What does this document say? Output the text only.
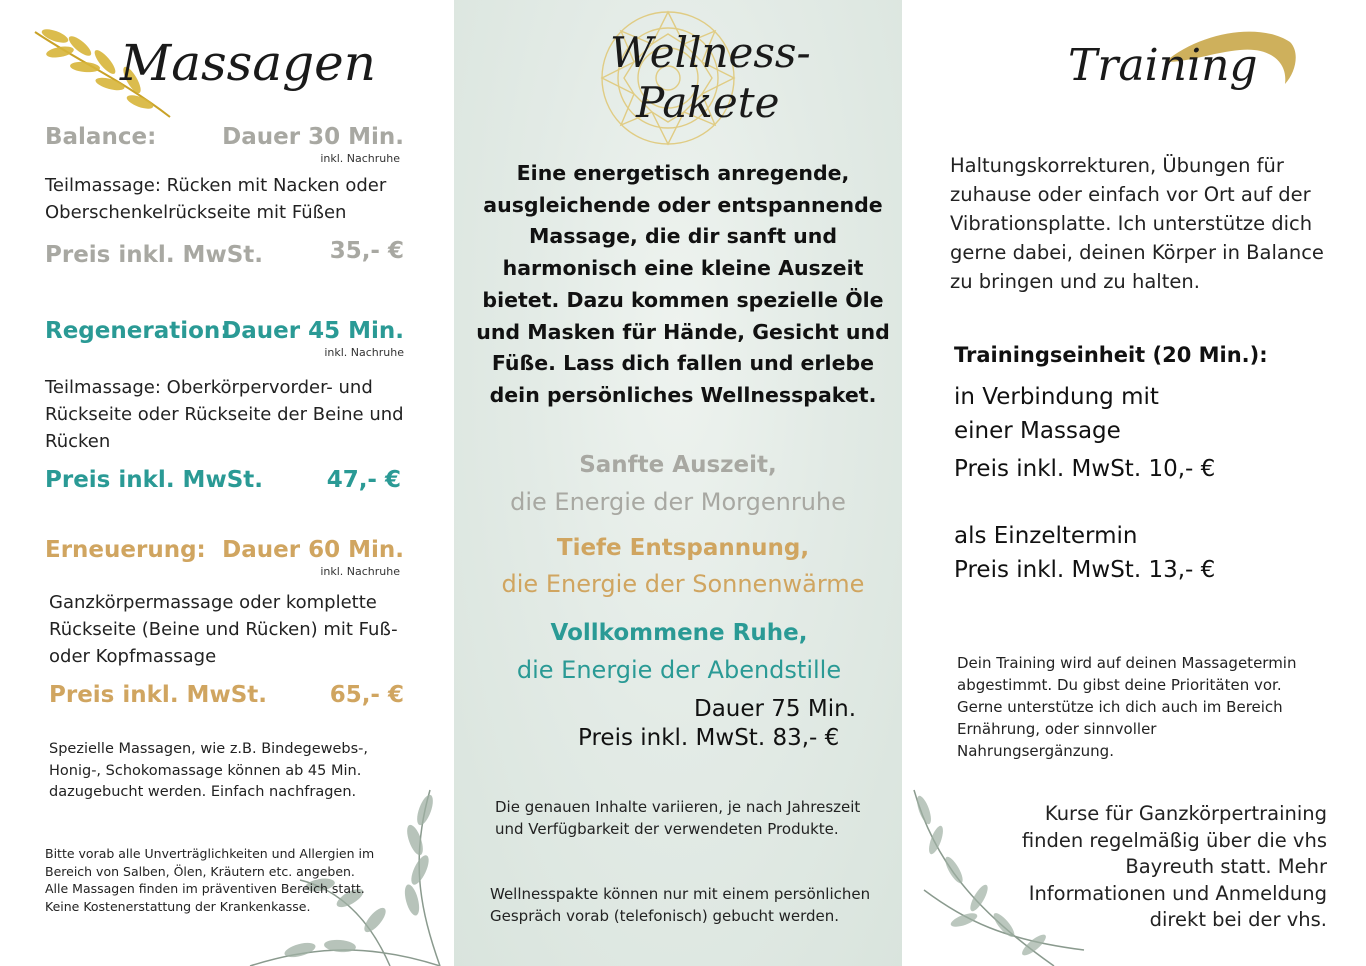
Massagen
Balance:	Dauer 30 Min.
inkl. Nachruhe
Teilmassage: Rücken mit Nacken oder Oberschenkelrückseite mit Füßen
Preis inkl. MwSt.	35,- €
Regeneration:
Dauer 45 Min.
inkl. Nachruhe
Teilmassage: Oberkörpervorder- und Rückseite oder Rückseite der Beine und Rücken
Preis inkl. MwSt.	47,- €
Erneuerung: Dauer 60 Min.
inkl. Nachruhe
Ganzkörpermassage oder komplette Rückseite (Beine und Rücken) mit Fuß- oder Kopfmassage
Preis inkl. MwSt.	65,- €
Spezielle Massagen, wie z.B. Bindegewebs-, Honig-, Schokomassage können ab 45 Min. dazugebucht werden. Einfach nachfragen.
Bitte vorab alle Unverträglichkeiten und Allergien im Bereich von Salben, Ölen, Kräutern etc. angeben. Alle Massagen finden im präventiven Bereich statt. Keine Kostenerstattung der Krankenkasse.
Wellness-
Pakete
Eine energetisch anregende, ausgleichende oder entspannende Massage, die dir sanft und harmonisch eine kleine Auszeit bietet. Dazu kommen spezielle Öle und Masken für Hände, Gesicht und Füße. Lass dich fallen und erlebe dein persönliches Wellnesspaket.
Sanfte Auszeit,
die Energie der Morgenruhe
Tiefe Entspannung,
die Energie der Sonnenwärme
Vollkommene Ruhe,
die Energie der Abendstille
Dauer 75 Min.
Preis inkl. MwSt. 83,- €
Die genauen Inhalte variieren, je nach Jahreszeit und Verfügbarkeit der verwendeten Produkte.
Wellnesspakte können nur mit einem persönlichen Gespräch vorab (telefonisch) gebucht werden.
Training
Haltungskorrekturen, Übungen für zuhause oder einfach vor Ort auf der Vibrationsplatte. Ich unterstütze dich gerne dabei, deinen Körper in Balance zu bringen und zu halten.
Trainingseinheit (20 Min.):
in Verbindung mit
einer Massage
Preis inkl. MwSt. 10,- €
als Einzeltermin
Preis inkl. MwSt. 13,- €
Dein Training wird auf deinen Massagetermin abgestimmt. Du gibst deine Prioritäten vor. Gerne unterstütze ich dich auch im Bereich Ernährung, oder sinnvoller Nahrungsergänzung.
Kurse für Ganzkörpertraining finden regelmäßig über die vhs Bayreuth statt. Mehr Informationen und Anmeldung direkt bei der vhs.
